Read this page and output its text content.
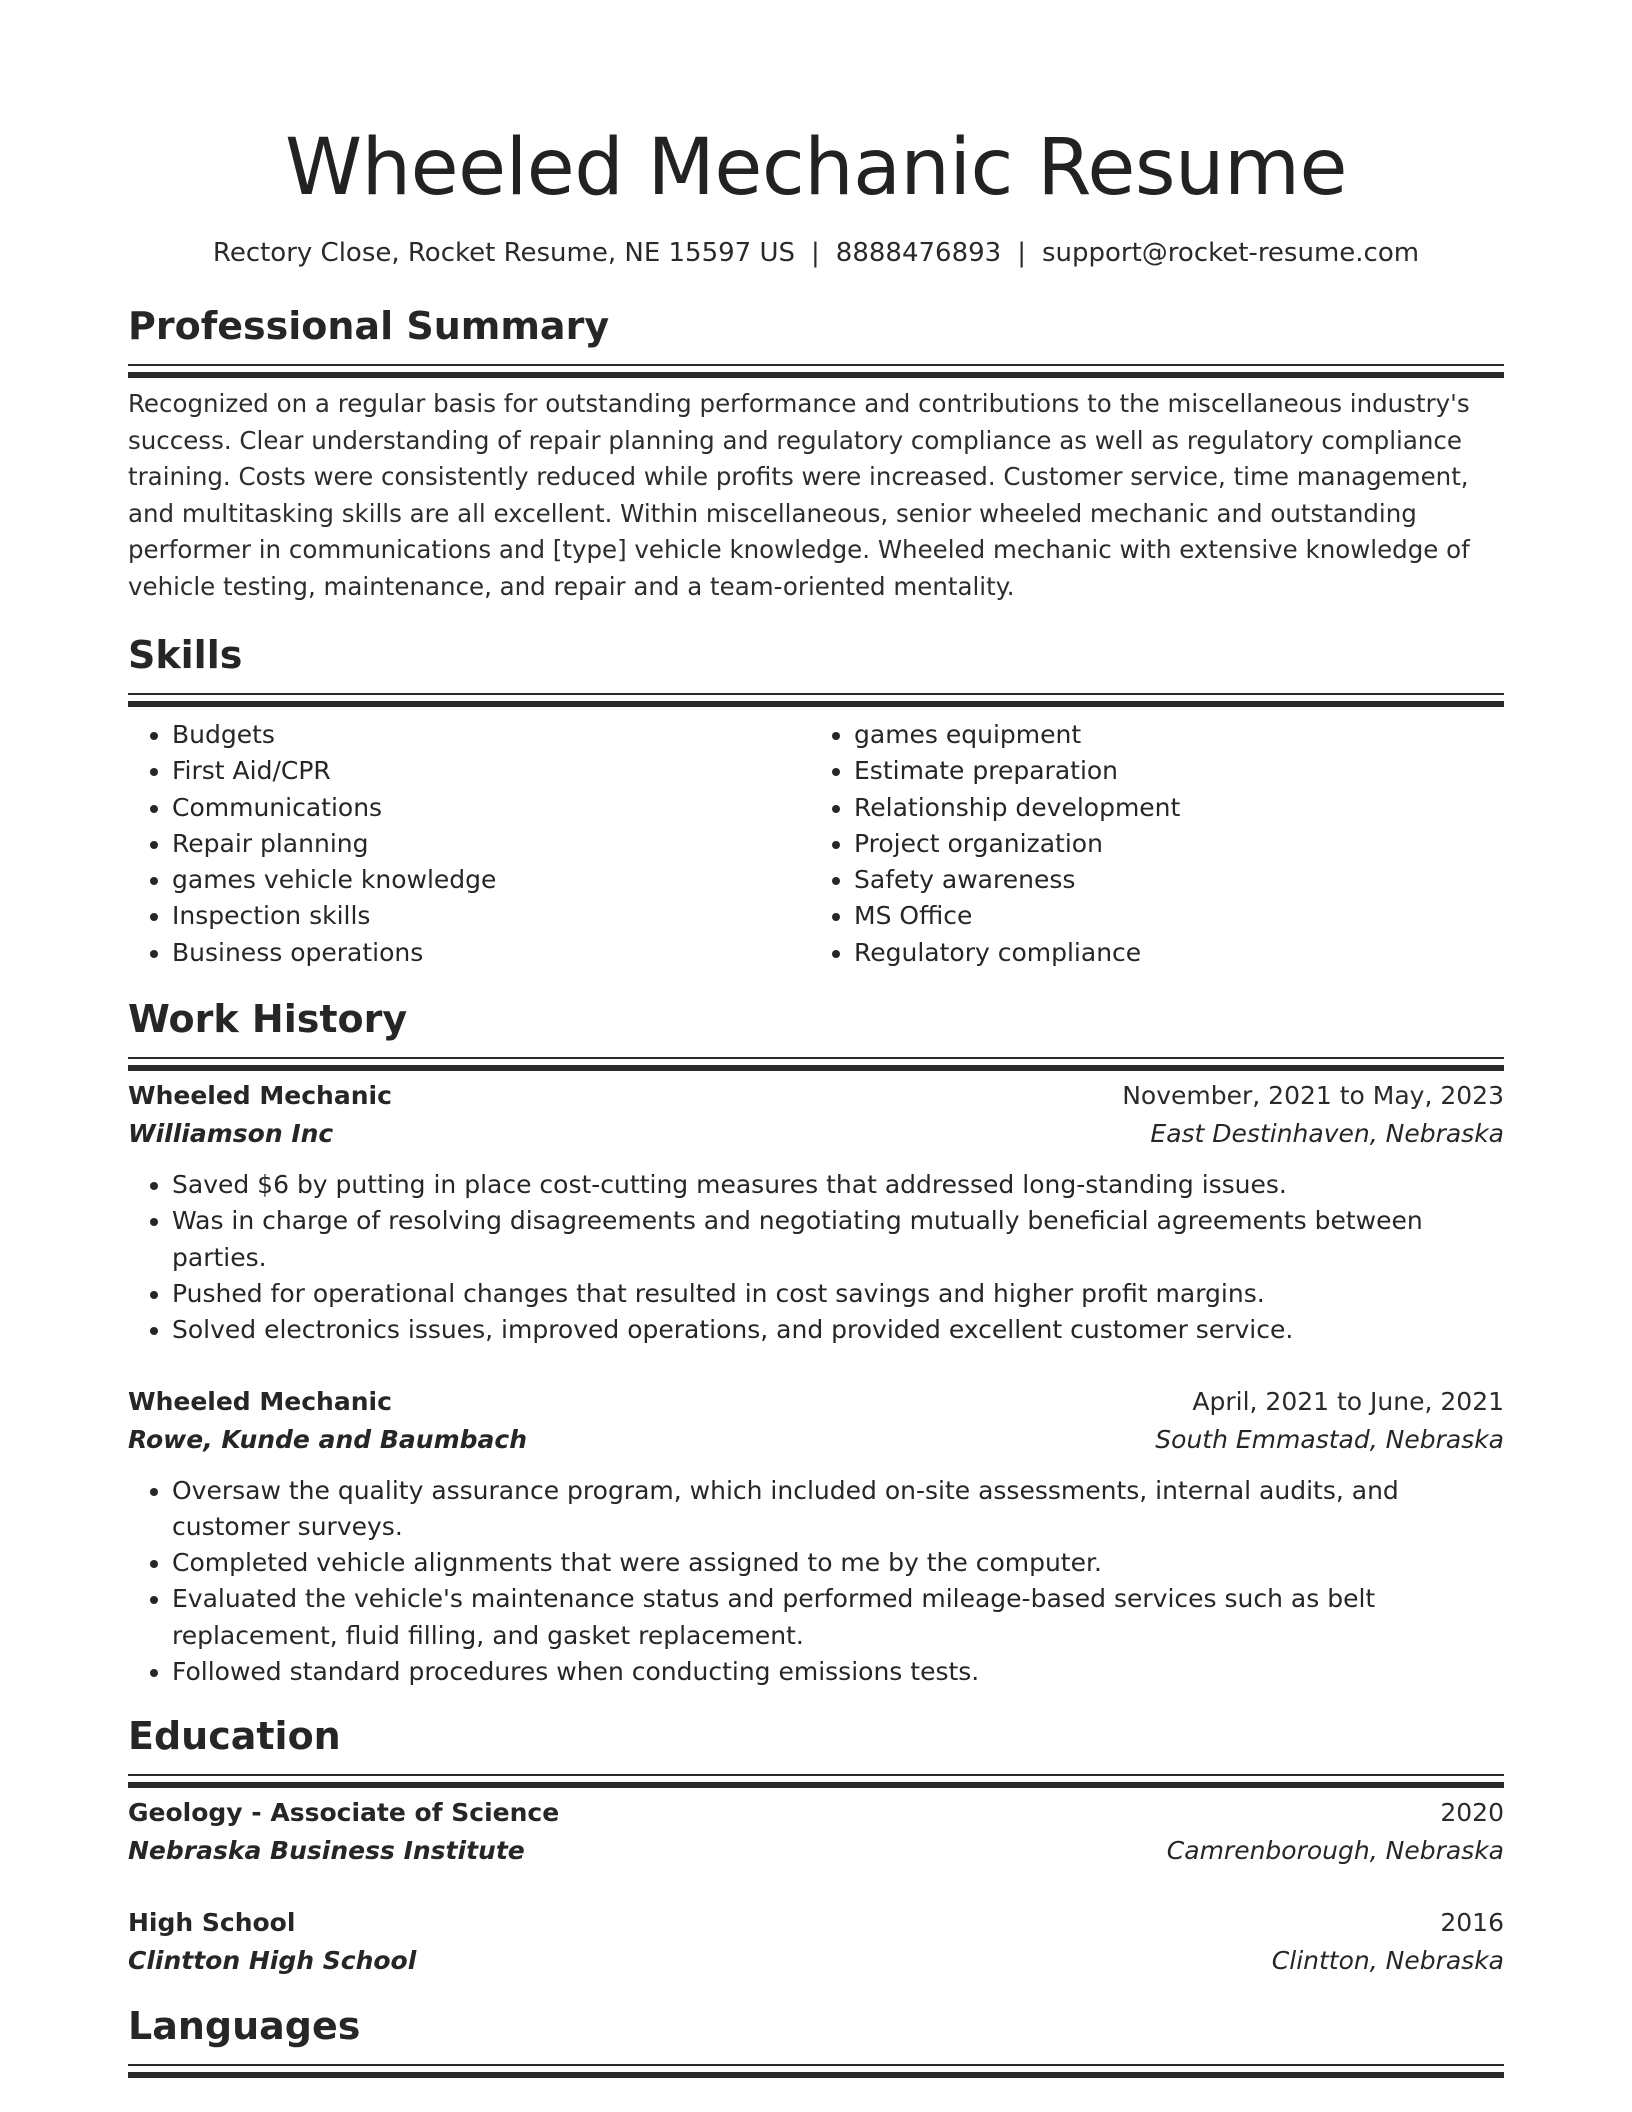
Wheeled Mechanic Resume
Rectory Close, Rocket Resume, NE 15597 US | 8888476893 | support@rocket-resume.com
Professional Summary

Recognized on a regular basis for outstanding performance and contributions to the miscellaneous industry's success. Clear understanding of repair planning and regulatory compliance as well as regulatory compliance training. Costs were consistently reduced while profits were increased. Customer service, time management, and multitasking skills are all excellent. Within miscellaneous, senior wheeled mechanic and outstanding performer in communications and [type] vehicle knowledge. Wheeled mechanic with extensive knowledge of vehicle testing, maintenance, and repair and a team-oriented mentality.

Skills
• Budgets
• First Aid/CPR
• Communications
• Repair planning
• games vehicle knowledge
• Inspection skills
• Business operations
• games equipment
• Estimate preparation
• Relationship development
• Project organization
• Safety awareness
• MS Office
• Regulatory compliance
Work History
Wheeled Mechanic	November, 2021 to May, 2023
Williamson Inc	East Destinhaven, Nebraska
• Saved $6 by putting in place cost-cutting measures that addressed long-standing issues.
• Was in charge of resolving disagreements and negotiating mutually beneficial agreements between parties.
• Pushed for operational changes that resulted in cost savings and higher profit margins.
• Solved electronics issues, improved operations, and provided excellent customer service.
Wheeled Mechanic	April, 2021 to June, 2021
Rowe, Kunde and Baumbach	South Emmastad, Nebraska
• Oversaw the quality assurance program, which included on-site assessments, internal audits, and customer surveys.
• Completed vehicle alignments that were assigned to me by the computer.
• Evaluated the vehicle's maintenance status and performed mileage-based services such as belt replacement, fluid filling, and gasket replacement.
• Followed standard procedures when conducting emissions tests.
Education
Geology - Associate of Science	2020
Nebraska Business Institute	Camrenborough, Nebraska
High School	2016
Clintton High School	Clintton, Nebraska
Languages
